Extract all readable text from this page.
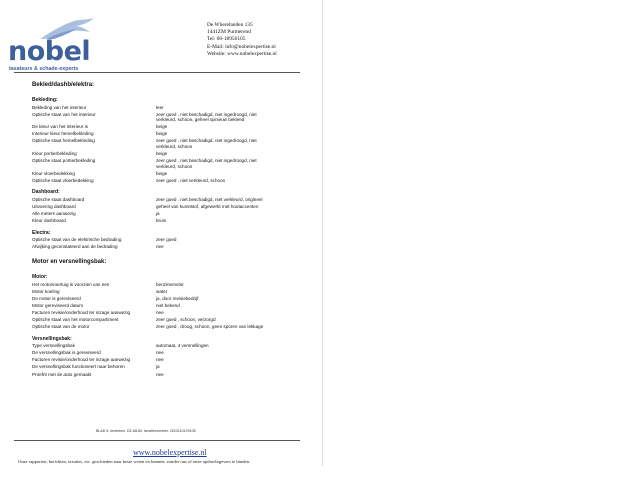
nobel
taxateurs & schade-experts
De Wherelanden 135
1441ZM Purmerend
Tel: 06-18956105
E-Mail: info@nobelexpertise.nl
Website: www.nobelexpertise.nl
Bekled/dashb/elektra:
Bekleding:
Bekleding van het interieur	leer
Optische staat van het interieur	zeer goed , niet beschadigd, niet ingedroogd, niet verkleurd, schoon, geheel opnieuw bekleed
De kleur van het interieur is	beige
Interieur kleur hemelbekleding	beige
Optische staat hemelbekleding	zeer goed , niet beschadigd, niet ingedroogd, niet verkleurd, schoon
Kleur portierbekleding	beige
Optische staat portierbekleding	zeer goed , niet beschadigd, niet ingedroogd, niet verkleurd, schoon
Kleur vloerbedekking	beige
Optische staat vloerbedekking	zeer goed , niet verkleurd, schoon
Dashboard:
Optische staat dashboard	zeer goed , niet beschadigd, niet verkleurd, origineel
Uitvoering dashboard	geheel van kunststof, afgewerkt met houtaccenten
Alle meters aanwezig	ja
Kleur dashboard	bruin
Electra:
Optische staat van de elektrische bedrading	zeer goed
Afwijking geconstateerd aan de bedrading	nee
Motor en versnellingsbak:
Motor:
Het motorvoertuig is voorzien van een	benzinemotor
Motor koeling	water
De motor is gereviseerd	ja, door revisiebedrijf
Motor gereviseerd datum	niet bekend
Facturen revisie/onderhoud ter inzage aanwezig	nee
Optische staat van het motorcompartiment	zeer goed , schoon, verzorgd
Optische staat van de motor	zeer goed , droog, schoon, geen sporen van lekkage
Versnellingsbak:
Type versnellingsbak	automaat, 4 versnellingen
De versnellingsbak is gereviseerd	nee
Facturen revisie/onderhoud ter inzage aanwezig	nee
De versnellingsbak functioneert naar behoren	ja
Proefrit met de auto gemaakt	nee
BLAD 6, kenteken: DZ-68-60, taxatienummer: 2023110129105
www.nobelexpertise.nl
Onze rapporten, berichten, taxaties, etc. geschieden naar beste weten en kunnen, zonder ons of onze opdrachtgevers te binden.
